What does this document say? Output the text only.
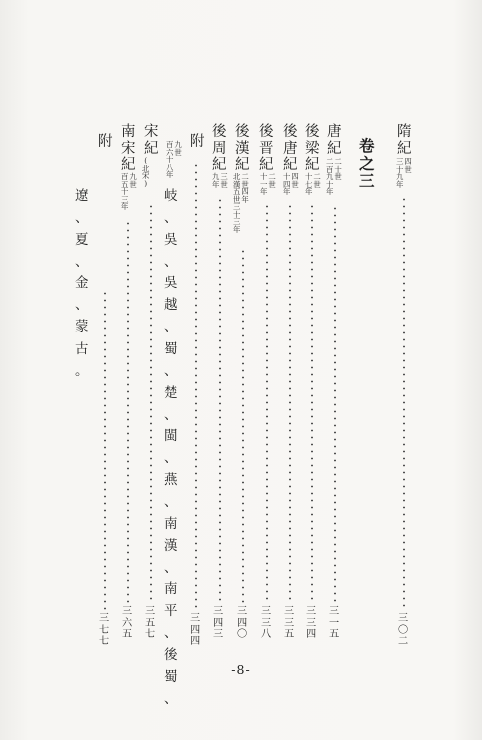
隋
紀
四
世
三
十
九
年
三
〇
二
卷
之
三
唐
紀
二
十
世
二
百
九
十
年
三
一
五
後
梁
紀
二
世
十
七
年
三
三
四
後
唐
紀
四
世
十
四
年
三
三
五
後
晋
紀
二
世
十
一
年
三
三
八
後
漢
紀
二
世
四
年
北
漢
五
世
三
十
三
年
三
四
〇
後
周
紀
三
世
九
年
三
四
三
附
岐
、
吳
、
吳
越
、
蜀
、
楚
、
閩
、
燕
、
南
漢
、
南
平
、
後
蜀
、
三
四
四
宋
紀
(
北
宋
)
九
世
百
六
十
八
年
三
五
七
南
宋
紀
九
世
百
五
十
三
年
三
六
五
附
遼
、
夏
、
金
、
蒙
古
。
三
七
七
-8-
